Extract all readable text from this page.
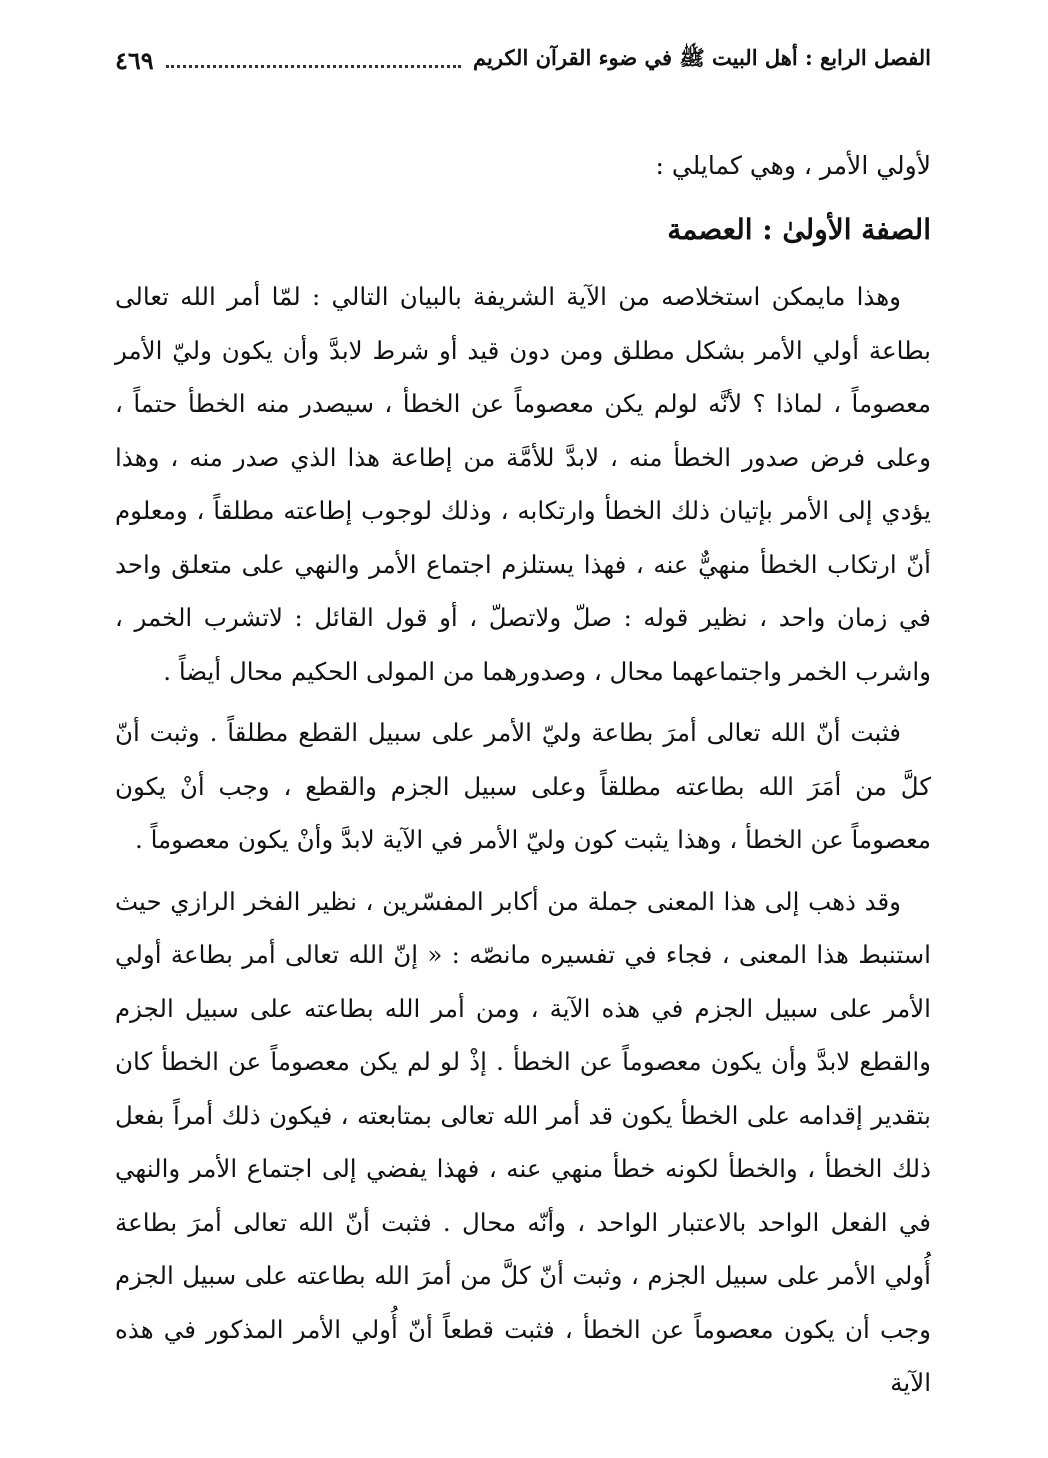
الفصل الرابع : أهل البيت ﷺ في ضوء القرآن الكريم
٤٦٩

لأولي الأمر ، وهي كمايلي :

الصفة الأولىٰ : العصمة

وهذا مايمكن استخلاصه من الآية الشريفة بالبيان التالي : لمّا أمر الله تعالى بطاعة أولي الأمر بشكل مطلق ومن دون قيد أو شرط لابدَّ وأن يكون وليّ الأمر معصوماً ، لماذا ؟ لأنَّه لولم يكن معصوماً عن الخطأ ، سيصدر منه الخطأ حتماً ، وعلى فرض صدور الخطأ منه ، لابدَّ للأمَّة من إطاعة هذا الذي صدر منه ، وهذا يؤدي إلى الأمر بإتيان ذلك الخطأ وارتكابه ، وذلك لوجوب إطاعته مطلقاً ، ومعلوم أنّ ارتكاب الخطأ منهيٌّ عنه ، فهذا يستلزم اجتماع الأمر والنهي على متعلق واحد في زمان واحد ، نظير قوله : صلّ ولاتصلّ ، أو قول القائل : لاتشرب الخمر ، واشرب الخمر واجتماعهما محال ، وصدورهما من المولى الحكيم محال أيضاً .

فثبت أنّ الله تعالى أمرَ بطاعة وليّ الأمر على سبيل القطع مطلقاً . وثبت أنّ كلَّ من أمَرَ الله بطاعته مطلقاً وعلى سبيل الجزم والقطع ، وجب أنْ يكون معصوماً عن الخطأ ، وهذا يثبت كون وليّ الأمر في الآية لابدَّ وأنْ يكون معصوماً .

وقد ذهب إلى هذا المعنى جملة من أكابر المفسّرين ، نظير الفخر الرازي حيث استنبط هذا المعنى ، فجاء في تفسيره مانصّه : « إنّ الله تعالى أمر بطاعة أولي الأمر على سبيل الجزم في هذه الآية ، ومن أمر الله بطاعته على سبيل الجزم والقطع لابدَّ وأن يكون معصوماً عن الخطأ . إذْ لو لم يكن معصوماً عن الخطأ كان بتقدير إقدامه على الخطأ يكون قد أمر الله تعالى بمتابعته ، فيكون ذلك أمراً بفعل ذلك الخطأ ، والخطأ لكونه خطأ منهي عنه ، فهذا يفضي إلى اجتماع الأمر والنهي في الفعل الواحد بالاعتبار الواحد ، وأنّه محال . فثبت أنّ الله تعالى أمرَ بطاعة أُولي الأمر على سبيل الجزم ، وثبت أنّ كلَّ من أمرَ الله بطاعته على سبيل الجزم وجب أن يكون معصوماً عن الخطأ ، فثبت قطعاً أنّ أُولي الأمر المذكور في هذه الآية
